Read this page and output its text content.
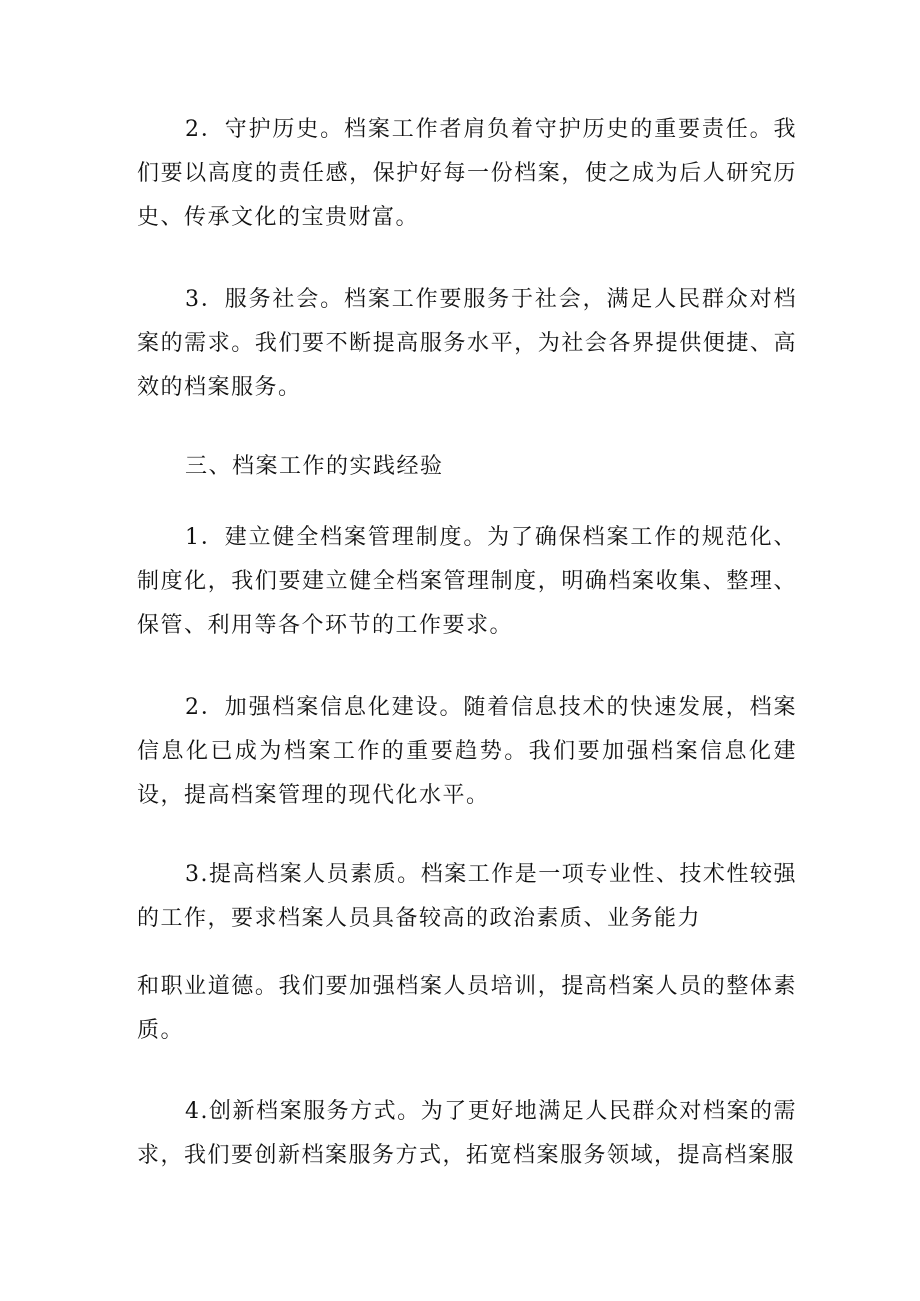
2．守护历史。档案工作者肩负着守护历史的重要责任。我们要以高度的责任感，保护好每一份档案，使之成为后人研究历史、传承文化的宝贵财富。

3．服务社会。档案工作要服务于社会，满足人民群众对档案的需求。我们要不断提高服务水平，为社会各界提供便捷、高效的档案服务。

三、档案工作的实践经验

1．建立健全档案管理制度。为了确保档案工作的规范化、制度化，我们要建立健全档案管理制度，明确档案收集、整理、保管、利用等各个环节的工作要求。

2．加强档案信息化建设。随着信息技术的快速发展，档案信息化已成为档案工作的重要趋势。我们要加强档案信息化建设，提高档案管理的现代化水平。

3.提高档案人员素质。档案工作是一项专业性、技术性较强的工作，要求档案人员具备较高的政治素质、业务能力

和职业道德。我们要加强档案人员培训，提高档案人员的整体素质。

4.创新档案服务方式。为了更好地满足人民群众对档案的需求，我们要创新档案服务方式，拓宽档案服务领域，提高档案服
